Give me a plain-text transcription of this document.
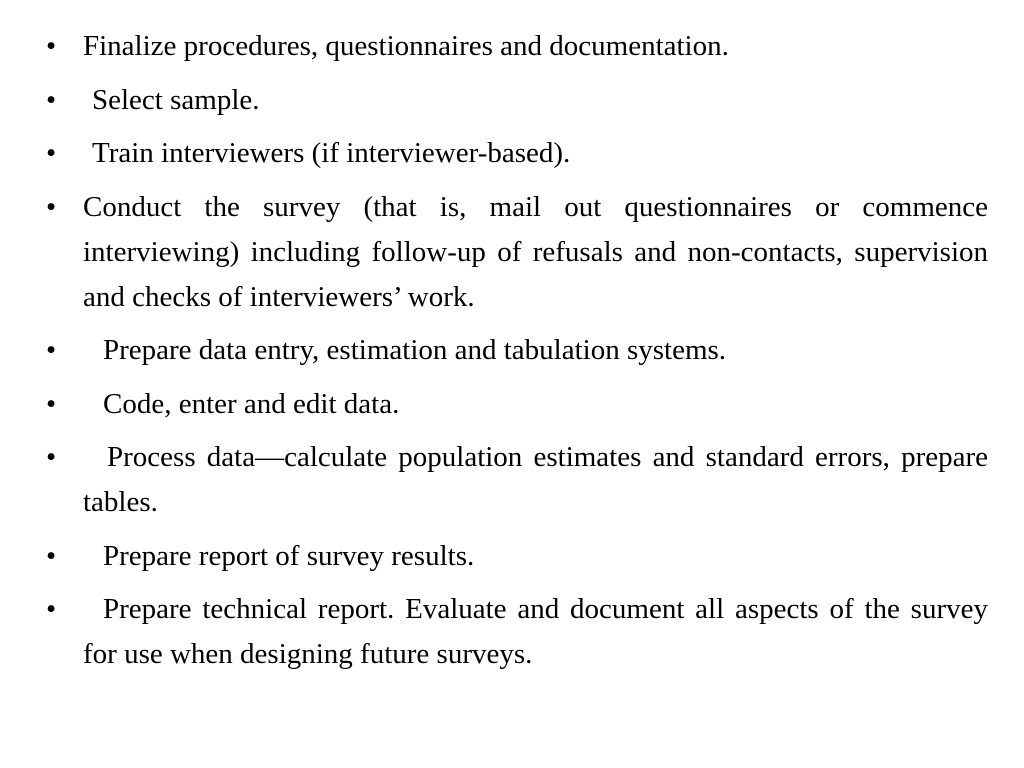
• Finalize procedures, questionnaires and documentation.
•	Select sample.
•	Train interviewers (if interviewer-based).
• Conduct the survey (that is, mail out questionnaires or commence interviewing) including follow-up of refusals and non-contacts, supervision and checks of interviewers’ work.
•	Prepare data entry, estimation and tabulation systems.
•	Code, enter and edit data.
•	Process data—calculate population estimates and standard errors, prepare tables.
•	Prepare report of survey results.
•	Prepare technical report. Evaluate and document all aspects of the survey for use when designing future surveys.
